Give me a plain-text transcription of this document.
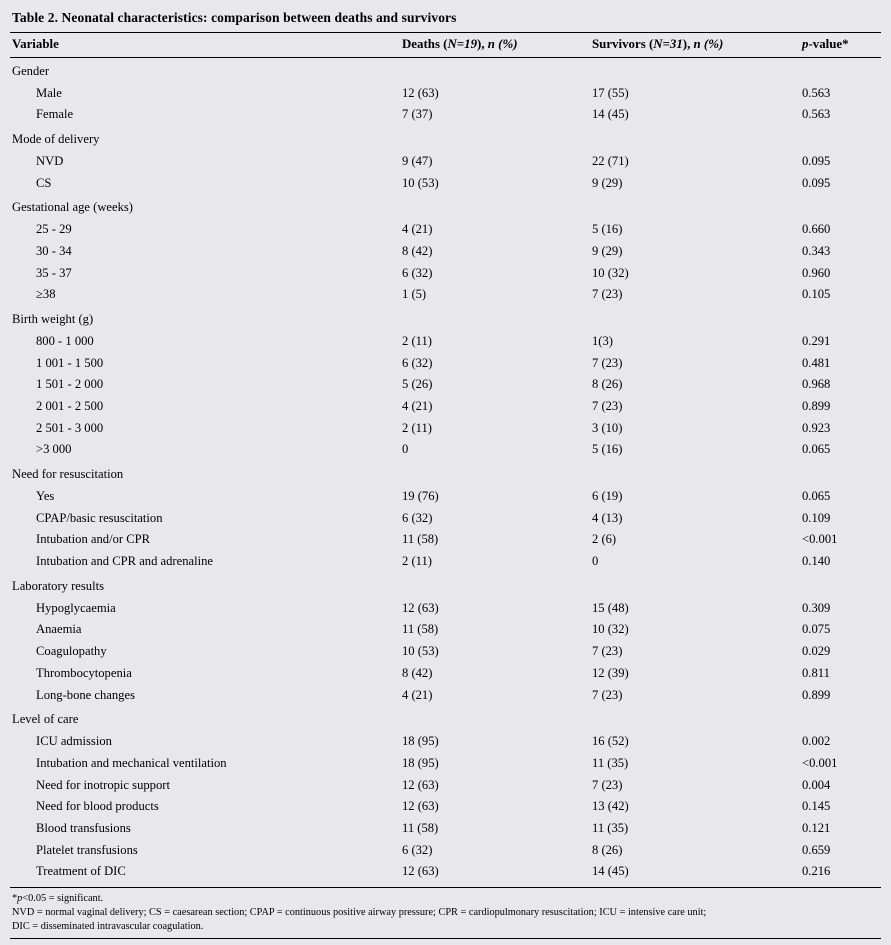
Table 2. Neonatal characteristics: comparison between deaths and survivors
Variable	Deaths (N=19), n (%)	Survivors (N=31), n (%)	p-value*
Gender			
Male	12 (63)	17 (55)	0.563
Female	7 (37)	14 (45)	0.563
Mode of delivery			
NVD	9 (47)	22 (71)	0.095
CS	10 (53)	9 (29)	0.095
Gestational age (weeks)			
25 - 29	4 (21)	5 (16)	0.660
30 - 34	8 (42)	9 (29)	0.343
35 - 37	6 (32)	10 (32)	0.960
≥38	1 (5)	7 (23)	0.105
Birth weight (g)			
800 - 1 000	2 (11)	1(3)	0.291
1 001 - 1 500	6 (32)	7 (23)	0.481
1 501 - 2 000	5 (26)	8 (26)	0.968
2 001 - 2 500	4 (21)	7 (23)	0.899
2 501 - 3 000	2 (11)	3 (10)	0.923
>3 000	0	5 (16)	0.065
Need for resuscitation			
Yes	19 (76)	6 (19)	0.065
CPAP/basic resuscitation	6 (32)	4 (13)	0.109
Intubation and/or CPR	11 (58)	2 (6)	<0.001
Intubation and CPR and adrenaline	2 (11)	0	0.140
Laboratory results			
Hypoglycaemia	12 (63)	15 (48)	0.309
Anaemia	11 (58)	10 (32)	0.075
Coagulopathy	10 (53)	7 (23)	0.029
Thrombocytopenia	8 (42)	12 (39)	0.811
Long-bone changes	4 (21)	7 (23)	0.899
Level of care			
ICU admission	18 (95)	16 (52)	0.002
Intubation and mechanical ventilation	18 (95)	11 (35)	<0.001
Need for inotropic support	12 (63)	7 (23)	0.004
Need for blood products	12 (63)	13 (42)	0.145
Blood transfusions	11 (58)	11 (35)	0.121
Platelet transfusions	6 (32)	8 (26)	0.659
Treatment of DIC	12 (63)	14 (45)	0.216
*p<0.05 = significant.
NVD = normal vaginal delivery; CS = caesarean section; CPAP = continuous positive airway pressure; CPR = cardiopulmonary resuscitation; ICU = intensive care unit;
DIC = disseminated intravascular coagulation.
